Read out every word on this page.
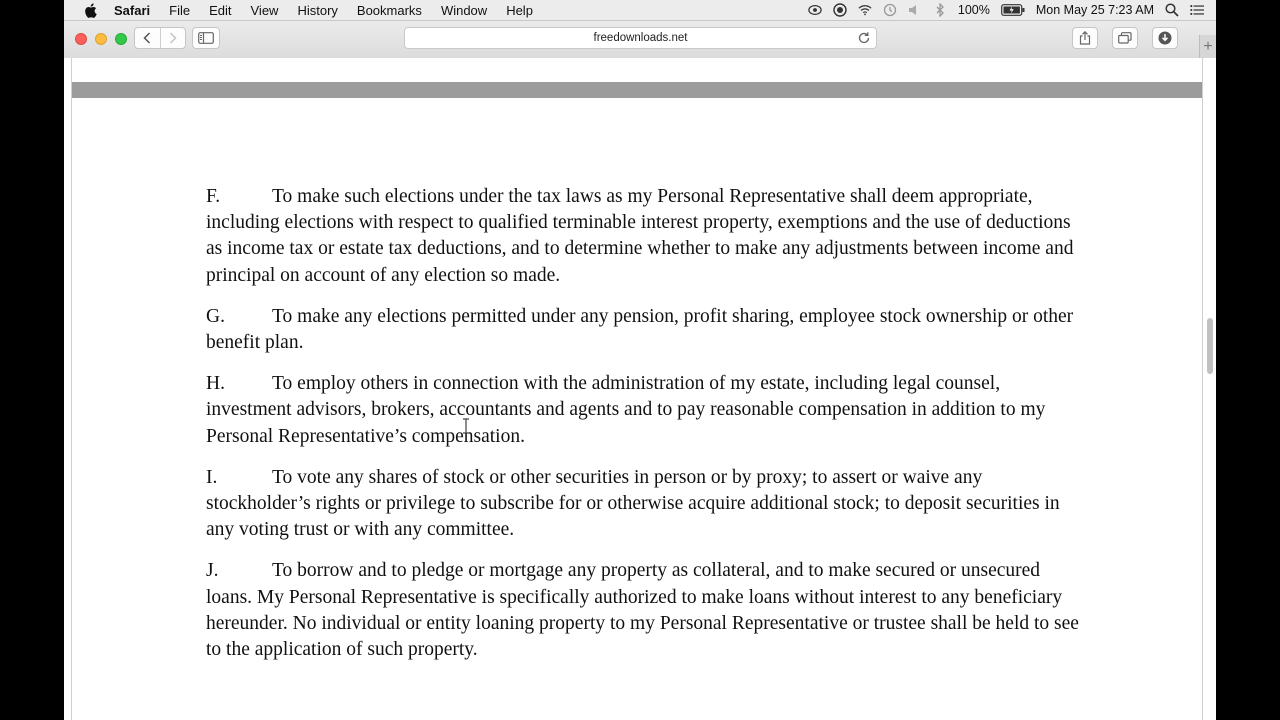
Safari File Edit View History Bookmarks Window Help	100%	Mon May 25 7:23 AM
freedownloads.net	+

F.	To make such elections under the tax laws as my Personal Representative shall deem appropriate, including elections with respect to qualified terminable interest property, exemptions and the use of deductions as income tax or estate tax deductions, and to determine whether to make any adjustments between income and principal on account of any election so made.

G. To make any elections permitted under any pension, profit sharing, employee stock ownership or other benefit plan.

H. To employ others in connection with the administration of my estate, including legal counsel, investment advisors, brokers, accountants and agents and to pay reasonable compensation in addition to my Personal Representative’s compensation.

I.	To vote any shares of stock or other securities in person or by proxy; to assert or waive any stockholder’s rights or privilege to subscribe for or otherwise acquire additional stock; to deposit securities in any voting trust or with any committee.

J.	To borrow and to pledge or mortgage any property as collateral, and to make secured or unsecured loans. My Personal Representative is specifically authorized to make loans without interest to any beneficiary hereunder. No individual or entity loaning property to my Personal Representative or trustee shall be held to see to the application of such property.
